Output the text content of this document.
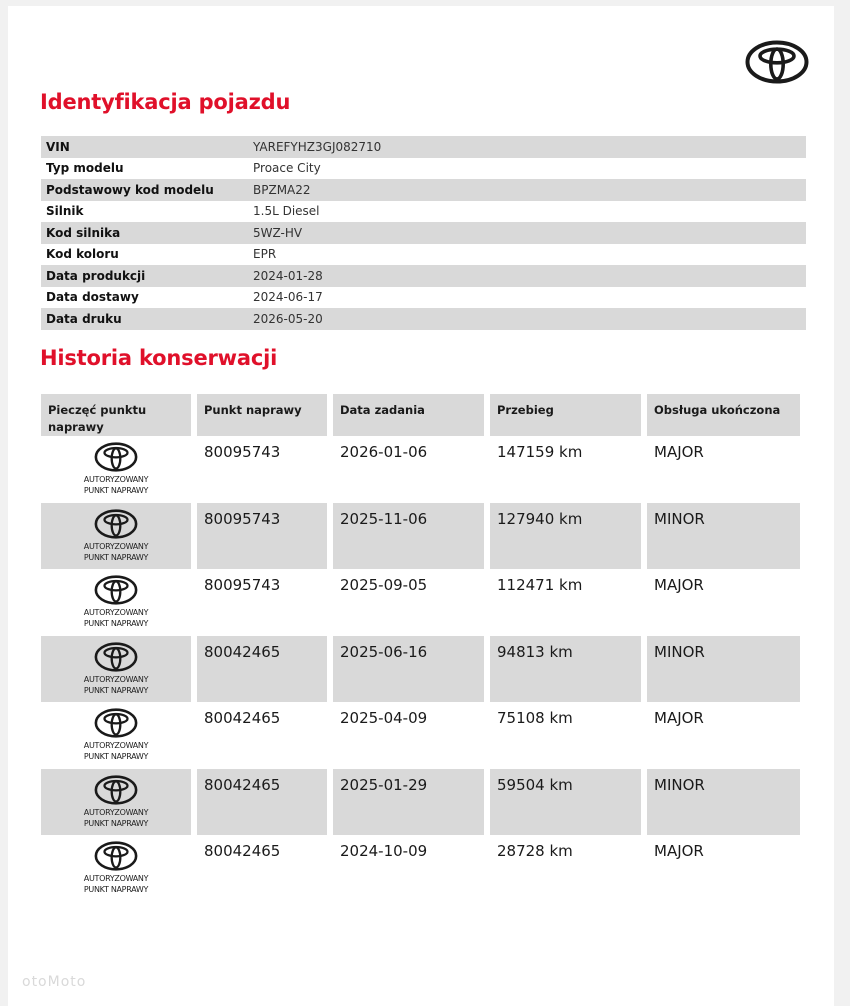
Identyfikacja pojazdu
VIN	YAREFYHZ3GJ082710
Typ modelu	Proace City
Podstawowy kod modelu	BPZMA22
Silnik	1.5L Diesel
Kod silnika	5WZ-HV
Kod koloru	EPR
Data produkcji	2024-01-28
Data dostawy	2024-06-17
Data druku	2026-05-20
Historia konserwacji
Pieczęć punktu naprawy
Punkt naprawy	Data zadania	Przebieg	Obsługa ukończona
AUTORYZOWANY
PUNKT NAPRAWY
80095743	2026-01-06	147159 km	MAJOR
AUTORYZOWANY
PUNKT NAPRAWY
80095743	2025-11-06	127940 km	MINOR
AUTORYZOWANY
PUNKT NAPRAWY
80095743	2025-09-05	112471 km	MAJOR
AUTORYZOWANY
PUNKT NAPRAWY
80042465	2025-06-16	94813 km	MINOR
AUTORYZOWANY
PUNKT NAPRAWY
80042465	2025-04-09	75108 km	MAJOR
AUTORYZOWANY
PUNKT NAPRAWY
80042465	2025-01-29	59504 km	MINOR
AUTORYZOWANY
PUNKT NAPRAWY
80042465	2024-10-09	28728 km	MAJOR
otoMoto
